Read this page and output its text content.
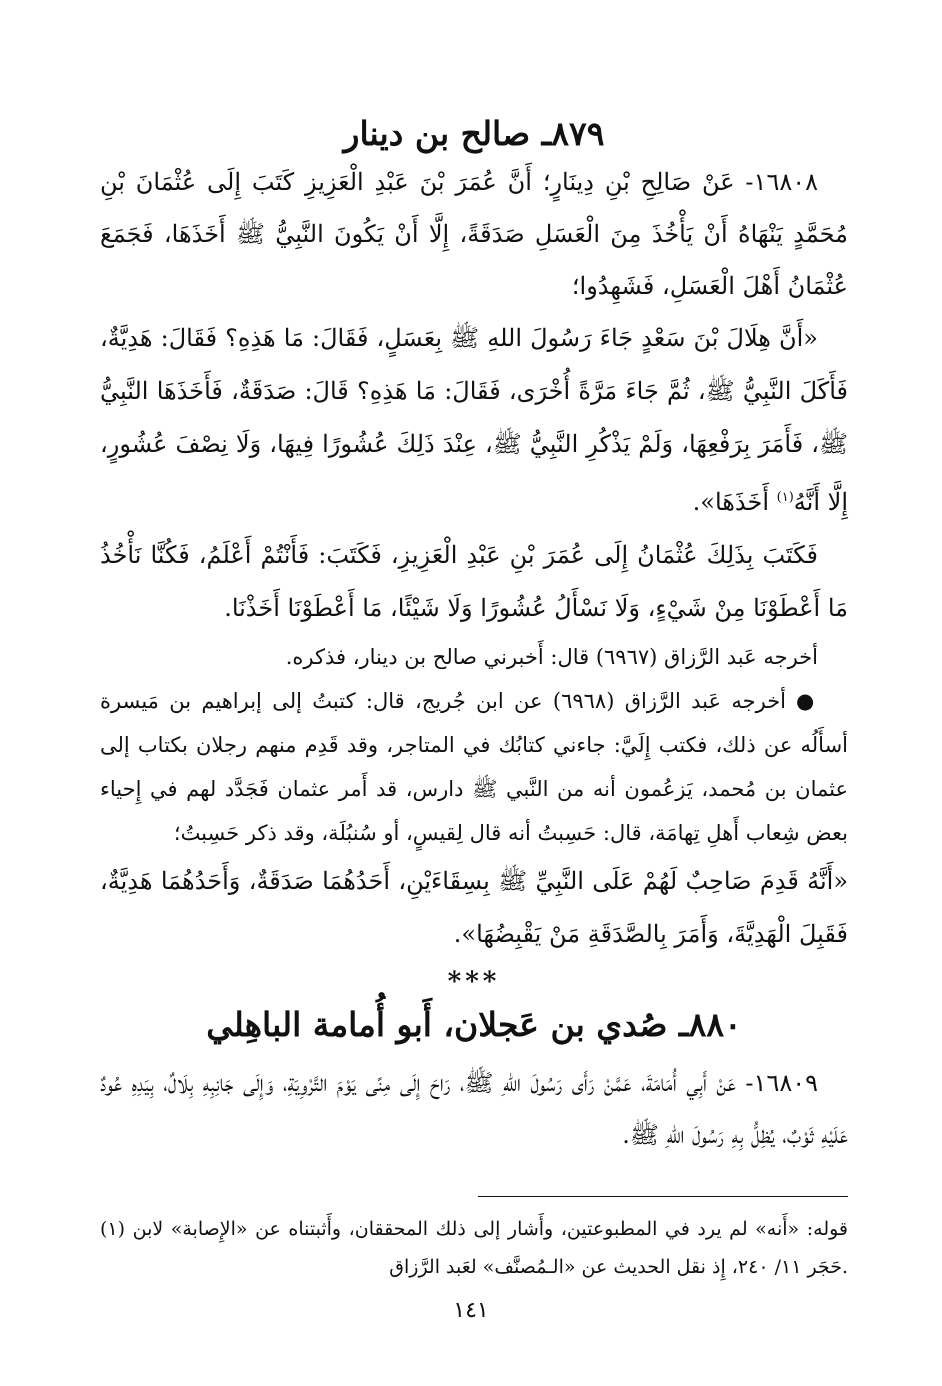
٨٧٩ـ صالح بن دينار

١٦٨٠٨- عَنْ صَالِحِ بْنِ دِينَارٍ؛ أَنَّ عُمَرَ بْنَ عَبْدِ الْعَزِيزِ كَتَبَ إِلَى عُثْمَانَ بْنِ مُحَمَّدٍ يَنْهَاهُ أَنْ يَأْخُذَ مِنَ الْعَسَلِ صَدَقَةً، إِلَّا أَنْ يَكُونَ النَّبِيُّ ﷺ أَخَذَهَا، فَجَمَعَ عُثْمَانُ أَهْلَ الْعَسَلِ، فَشَهِدُوا؛

«أَنَّ هِلَالَ بْنَ سَعْدٍ جَاءَ رَسُولَ اللهِ ﷺ بِعَسَلٍ، فَقَالَ: مَا هَذِهِ؟ فَقَالَ: هَدِيَّةٌ، فَأَكَلَ النَّبِيُّ ﷺ، ثُمَّ جَاءَ مَرَّةً أُخْرَى، فَقَالَ: مَا هَذِهِ؟ قَالَ: صَدَقَةٌ، فَأَخَذَهَا النَّبِيُّ ﷺ، فَأَمَرَ بِرَفْعِهَا، وَلَمْ يَذْكُرِ النَّبِيُّ ﷺ، عِنْدَ ذَلِكَ عُشُورًا فِيهَا، وَلَا نِصْفَ عُشُورٍ، إِلَّا أَنَّهُ$^{(١)}$ أَخَذَهَا».

فَكَتَبَ بِذَلِكَ عُثْمَانُ إِلَى عُمَرَ بْنِ عَبْدِ الْعَزِيزِ، فَكَتَبَ: فَأَنْتُمْ أَعْلَمُ، فَكُنَّا نَأْخُذُ مَا أَعْطَوْنَا مِنْ شَيْءٍ، وَلَا نَسْأَلُ عُشُورًا وَلَا شَيْئًا، مَا أَعْطَوْنَا أَخَذْنَا.

أخرجه عَبد الرَّزاق (٦٩٦٧) قال: أَخبرني صالح بن دينار، فذكره.

●أخرجه عَبد الرَّزاق (٦٩٦٨) عن ابن جُريج، قال: كتبتُ إلى إبراهيم بن مَيسرة أسأَلُه عن ذلك، فكتب إِلَيَّ: جاءني كتابُك في المتاجر، وقد قَدِم منهم رجلان بكتاب إلى عثمان بن مُحمد، يَزعُمون أنه من النَّبي ﷺ دارس، قد أَمر عثمان فَجَدَّد لهم في إِحياء بعض شِعاب أَهلِ تِهامَة، قال: حَسِبتُ أنه قال لِقيسٍ، أو سُنبُلَة، وقد ذكر حَسِبتُ؛

«أَنَّهُ قَدِمَ صَاحِبٌ لَهُمْ عَلَى النَّبِيِّ ﷺ بِسِقَاءَيْنِ، أَحَدُهُمَا صَدَقَةٌ، وَأَحَدُهُمَا هَدِيَّةٌ، فَقَبِلَ الْهَدِيَّةَ، وَأَمَرَ بِالصَّدَقَةِ مَنْ يَقْبِضُهَا».

***
٨٨٠ـ صُدي بن عَجلان، أَبو أُمامة الباهِلي

١٦٨٠٩- عَنْ أَبِي أُمَامَةَ، عَمَّنْ رَأَى رَسُولَ اللهِ ﷺ، رَاحَ إِلَى مِنًى يَوْمَ التَّرْوِيَةِ، وَإِلَى جَانِبِهِ بِلَالٌ، بِيَدِهِ عُودٌ عَلَيْهِ ثَوْبٌ، يُظِلُّ بِهِ رَسُولَ اللهِ ﷺ.

(١) قوله: «أَنه» لم يرد في المطبوعتين، وأَشار إلى ذلك المحققان، وأَثبتناه عن «الإِصابة» لابن حَجَر ١١/ ٢٤٠، إِذ نقل الحديث عن «الـمُصنَّف» لعَبد الرَّزاق.
١٤١
